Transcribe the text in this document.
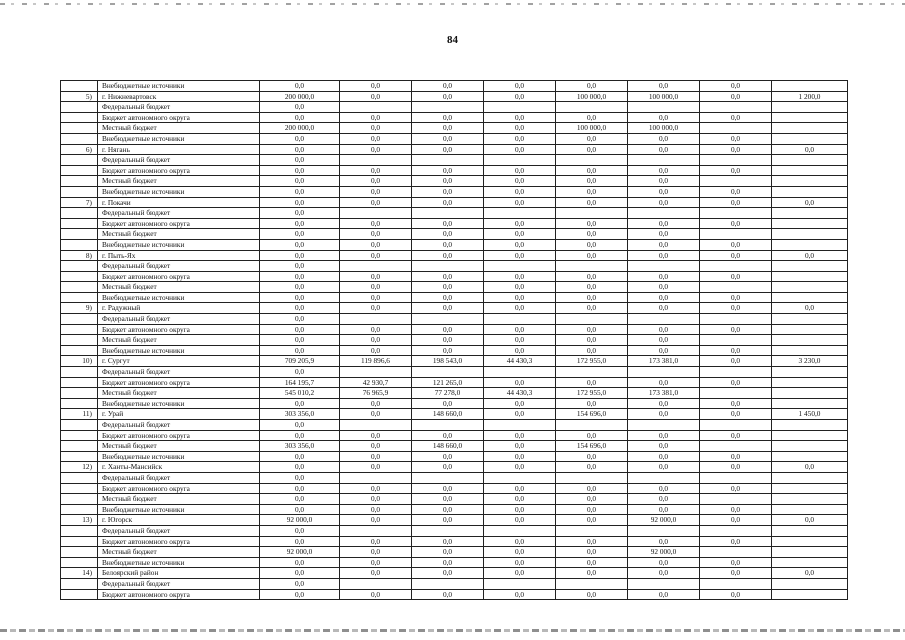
84
	Внебюджетные источники	0,0	0,0	0,0	0,0	0,0	0,0	0,0	
5)	г. Нижневартовск	200 000,0	0,0	0,0	0,0	100 000,0	100 000,0	0,0	1 200,0
	Федеральный бюджет	0,0							
	Бюджет автономного округа	0,0	0,0	0,0	0,0	0,0	0,0	0,0	
	Местный бюджет	200 000,0	0,0	0,0	0,0	100 000,0	100 000,0		
	Внебюджетные источники	0,0	0,0	0,0	0,0	0,0	0,0	0,0	
6)	г. Нягань	0,0	0,0	0,0	0,0	0,0	0,0	0,0	0,0
	Федеральный бюджет	0,0							
	Бюджет автономного округа	0,0	0,0	0,0	0,0	0,0	0,0	0,0	
	Местный бюджет	0,0	0,0	0,0	0,0	0,0	0,0		
	Внебюджетные источники	0,0	0,0	0,0	0,0	0,0	0,0	0,0	
7)	г. Покачи	0,0	0,0	0,0	0,0	0,0	0,0	0,0	0,0
	Федеральный бюджет	0,0							
	Бюджет автономного округа	0,0	0,0	0,0	0,0	0,0	0,0	0,0	
	Местный бюджет	0,0	0,0	0,0	0,0	0,0	0,0		
	Внебюджетные источники	0,0	0,0	0,0	0,0	0,0	0,0	0,0	
8)	г. Пыть-Ях	0,0	0,0	0,0	0,0	0,0	0,0	0,0	0,0
	Федеральный бюджет	0,0							
	Бюджет автономного округа	0,0	0,0	0,0	0,0	0,0	0,0	0,0	
	Местный бюджет	0,0	0,0	0,0	0,0	0,0	0,0		
	Внебюджетные источники	0,0	0,0	0,0	0,0	0,0	0,0	0,0	
9)	г. Радужный	0,0	0,0	0,0	0,0	0,0	0,0	0,0	0,0
	Федеральный бюджет	0,0							
	Бюджет автономного округа	0,0	0,0	0,0	0,0	0,0	0,0	0,0	
	Местный бюджет	0,0	0,0	0,0	0,0	0,0	0,0		
	Внебюджетные источники	0,0	0,0	0,0	0,0	0,0	0,0	0,0	
10)	г. Сургут	709 205,9	119 896,6	198 543,0	44 430,3	172 955,0	173 381,0	0,0	3 230,0
	Федеральный бюджет	0,0							
	Бюджет автономного округа	164 195,7	42 930,7	121 265,0	0,0	0,0	0,0	0,0	
	Местный бюджет	545 010,2	76 965,9	77 278,0	44 430,3	172 955,0	173 381,0		
	Внебюджетные источники	0,0	0,0	0,0	0,0	0,0	0,0	0,0	
11)	г. Урай	303 356,0	0,0	148 660,0	0,0	154 696,0	0,0	0,0	1 450,0
	Федеральный бюджет	0,0							
	Бюджет автономного округа	0,0	0,0	0,0	0,0	0,0	0,0	0,0	
	Местный бюджет	303 356,0	0,0	148 660,0	0,0	154 696,0	0,0		
	Внебюджетные источники	0,0	0,0	0,0	0,0	0,0	0,0	0,0	
12)	г. Ханты-Мансийск	0,0	0,0	0,0	0,0	0,0	0,0	0,0	0,0
	Федеральный бюджет	0,0							
	Бюджет автономного округа	0,0	0,0	0,0	0,0	0,0	0,0	0,0	
	Местный бюджет	0,0	0,0	0,0	0,0	0,0	0,0		
	Внебюджетные источники	0,0	0,0	0,0	0,0	0,0	0,0	0,0	
13)	г. Югорск	92 000,0	0,0	0,0	0,0	0,0	92 000,0	0,0	0,0
	Федеральный бюджет	0,0							
	Бюджет автономного округа	0,0	0,0	0,0	0,0	0,0	0,0	0,0	
	Местный бюджет	92 000,0	0,0	0,0	0,0	0,0	92 000,0		
	Внебюджетные источники	0,0	0,0	0,0	0,0	0,0	0,0	0,0	
14)	Белоярский район	0,0	0,0	0,0	0,0	0,0	0,0	0,0	0,0
	Федеральный бюджет	0,0							
	Бюджет автономного округа	0,0	0,0	0,0	0,0	0,0	0,0	0,0	
